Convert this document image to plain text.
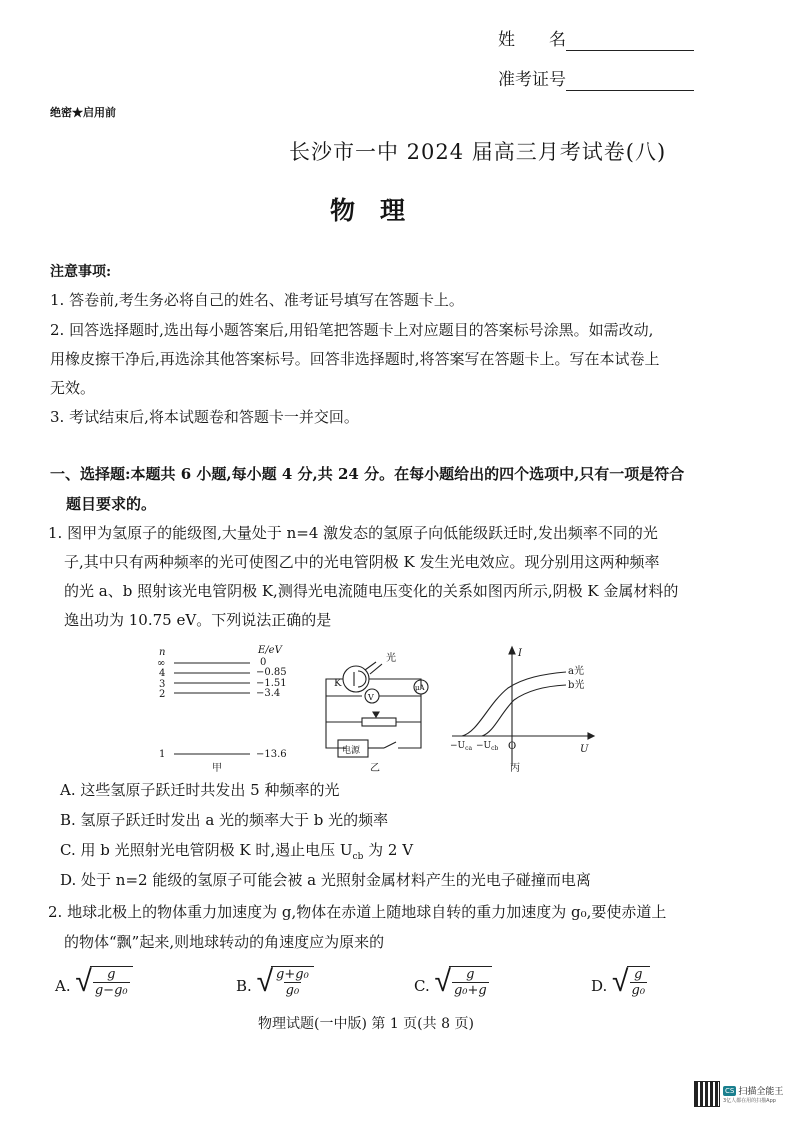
姓　　名
准考证号
绝密★启用前
长沙市一中 2024 届高三月考试卷(八)
物　理
注意事项:
1. 答卷前,考生务必将自己的姓名、准考证号填写在答题卡上。
2. 回答选择题时,选出每小题答案后,用铅笔把答题卡上对应题目的答案标号涂黑。如需改动,
用橡皮擦干净后,再选涂其他答案标号。回答非选择题时,将答案写在答题卡上。写在本试卷上
无效。
3. 考试结束后,将本试题卷和答题卡一并交回。
一、选择题:本题共 6 小题,每小题 4 分,共 24 分。在每小题给出的四个选项中,只有一项是符合
题目要求的。
1. 图甲为氢原子的能级图,大量处于 n=4 激发态的氢原子向低能级跃迁时,发出频率不同的光
子,其中只有两种频率的光可使图乙中的光电管阴极 K 发生光电效应。现分别用这两种频率
的光 a、b 照射该光电管阴极 K,测得光电流随电压变化的关系如图丙所示,阴极 K 金属材料的
逸出功为 10.75 eV。下列说法正确的是
n	E/eV
∞	0
4	−0.85
3	−1.51
2	−3.4
1	−13.6
甲
光
K
V
μA
电源
乙
I
U
O
a光
b光
$-U_{ca} -U_{cb}$
丙
A. 这些氢原子跃迁时共发出 5 种频率的光
B. 氢原子跃迁时发出 a 光的频率大于 b 光的频率
C. 用 b 光照射光电管阴极 K 时,遏止电压 $U_{cb}$ 为 2 V
D. 处于 n=2 能级的氢原子可能会被 a 光照射金属材料产生的光电子碰撞而电离
2. 地球北极上的物体重力加速度为 g,物体在赤道上随地球自转的重力加速度为 g₀,要使赤道上
的物体“飘”起来,则地球转动的角速度应为原来的
A. √
$\frac{g}{\text{g−g₀}}$	B. √
$\frac{\text{g+g₀}}{\text{g₀}}$	C. √
$\frac{g}{\text{g₀+g}}$	D. √
$\frac{g}{\text{g₀}}$
物理试题(一中版) 第 1 页(共 8 页)
CS 扫描全能王
3亿人都在用的扫描App
